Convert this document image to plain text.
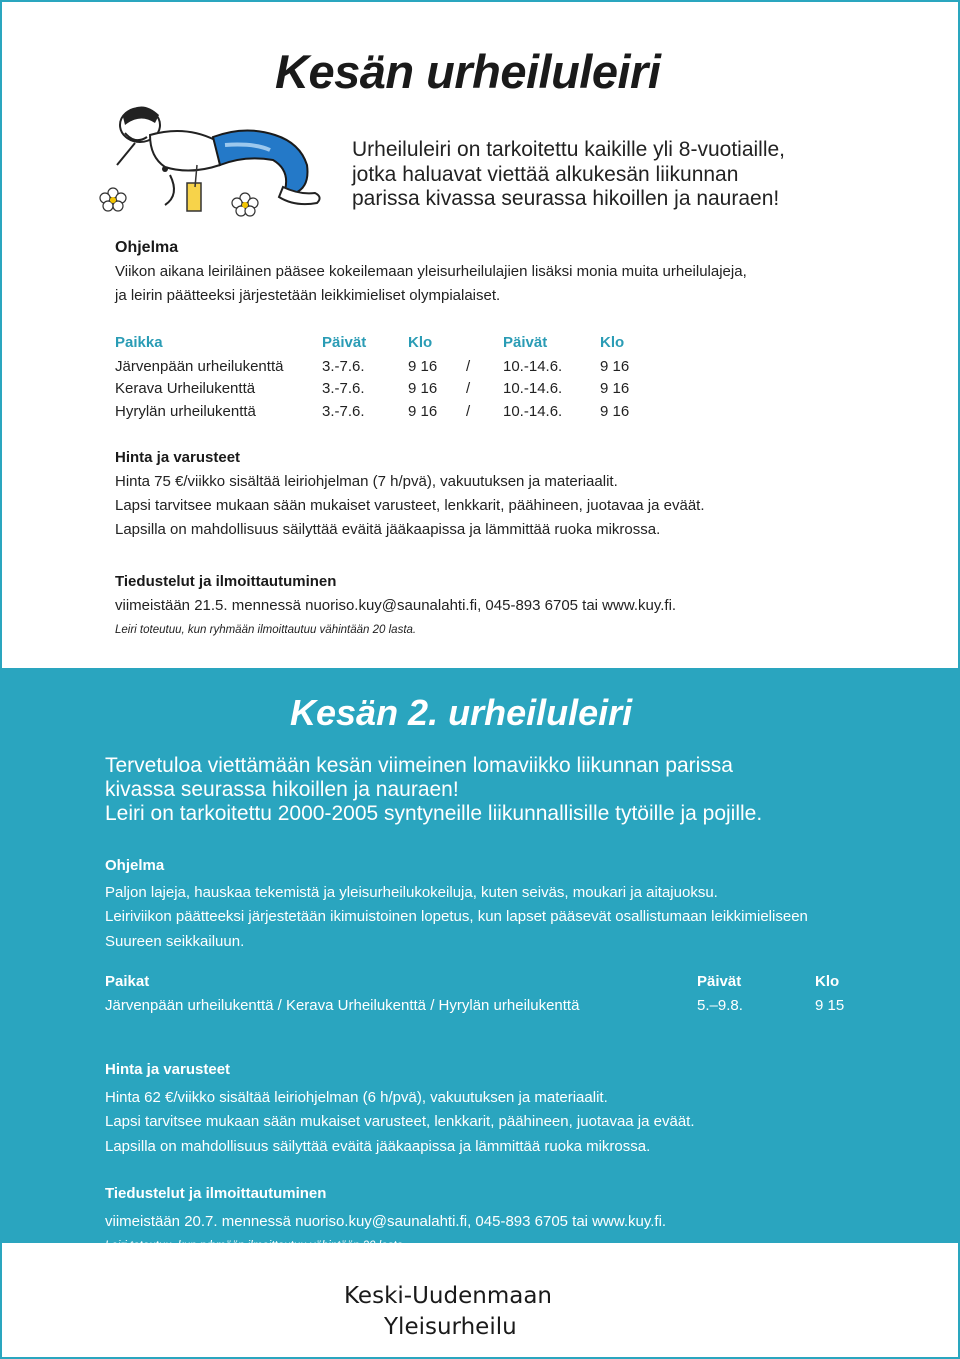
Kesän urheiluleiri
Urheiluleiri on tarkoitettu kaikille yli 8-vuotiaille,
jotka haluavat viettää alkukesän liikunnan
parissa kivassa seurassa hikoillen ja nauraen!

Ohjelma

Viikon aikana leiriläinen pääsee kokeilemaan yleisurheilulajien lisäksi monia muita urheilulajeja,

ja leirin päätteeksi järjestetään leikkimieliset olympialaiset.

Paikka	Päivät	Klo		Päivät	Klo
Järvenpään urheilukenttä	3.-7.6.	9 16	/	10.-14.6.	9 16
Kerava Urheilukenttä	3.-7.6.	9 16	/	10.-14.6.	9 16
Hyrylän urheilukenttä	3.-7.6.	9 16	/	10.-14.6.	9 16

Hinta ja varusteet

Hinta 75 €/viikko sisältää leiriohjelman (7 h/pvä), vakuutuksen ja materiaalit.

Lapsi tarvitsee mukaan sään mukaiset varusteet, lenkkarit, päähineen, juotavaa ja eväät.

Lapsilla on mahdollisuus säilyttää eväitä jääkaapissa ja lämmittää ruoka mikrossa.

Tiedustelut ja ilmoittautuminen

viimeistään 21.5. mennessä nuoriso.kuy@saunalahti.fi, 045-893 6705 tai www.kuy.fi.

Leiri toteutuu, kun ryhmään ilmoittautuu vähintään 20 lasta.

Kesän 2. urheiluleiri

Tervetuloa viettämään kesän viimeinen lomaviikko liikunnan parissa

kivassa seurassa hikoillen ja nauraen!

Leiri on tarkoitettu 2000-2005 syntyneille liikunnallisille tytöille ja pojille.

Ohjelma

Paljon lajeja, hauskaa tekemistä ja yleisurheilukokeiluja, kuten seiväs, moukari ja aitajuoksu.

Leiriviikon päätteeksi järjestetään ikimuistoinen lopetus, kun lapset pääsevät osallistumaan leikkimieliseen

Suureen seikkailuun.

Paikat	Päivät	Klo
Järvenpään urheilukenttä / Kerava Urheilukenttä / Hyrylän urheilukenttä	5.–9.8.	9 15

Hinta ja varusteet

Hinta 62 €/viikko sisältää leiriohjelman (6 h/pvä), vakuutuksen ja materiaalit.

Lapsi tarvitsee mukaan sään mukaiset varusteet, lenkkarit, päähineen, juotavaa ja eväät.

Lapsilla on mahdollisuus säilyttää eväitä jääkaapissa ja lämmittää ruoka mikrossa.

Tiedustelut ja ilmoittautuminen

viimeistään 20.7. mennessä nuoriso.kuy@saunalahti.fi, 045-893 6705 tai www.kuy.fi.

Leiri toteutuu, kun ryhmään ilmoittautuu vähintään 20 lasta.

Keski-Uudenmaan
Yleisurheilu
